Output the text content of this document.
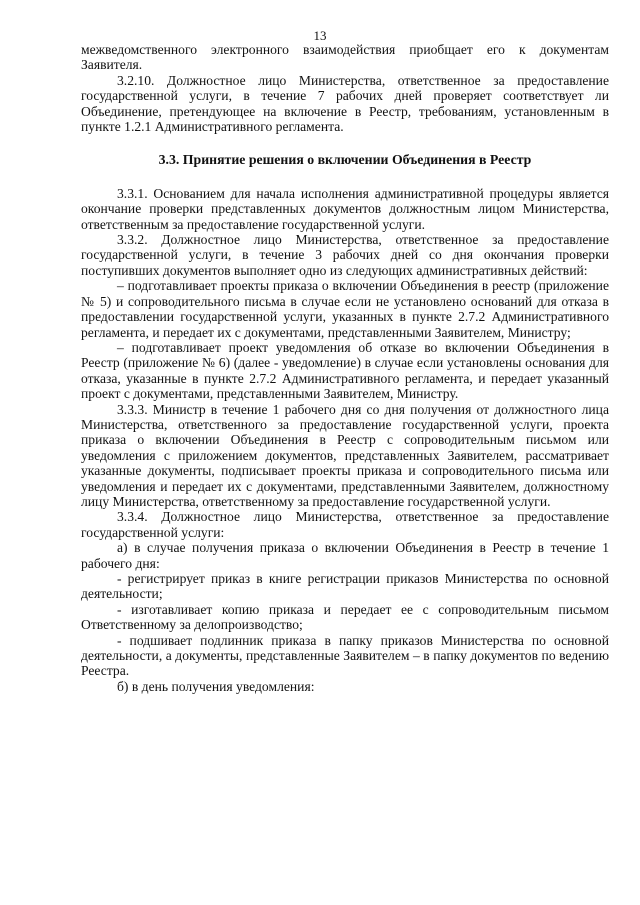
13

межведомственного электронного взаимодействия приобщает его к документам Заявителя.

3.2.10. Должностное лицо Министерства, ответственное за предоставление государственной услуги, в течение 7 рабочих дней проверяет соответствует ли Объединение, претендующее на включение в Реестр, требованиям, установленным в пункте 1.2.1 Административного регламента.

3.3. Принятие решения о включении Объединения в Реестр

3.3.1. Основанием для начала исполнения административной процедуры является окончание проверки представленных документов должностным лицом Министерства, ответственным за предоставление государственной услуги.

3.3.2. Должностное лицо Министерства, ответственное за предоставление государственной услуги, в течение 3 рабочих дней со дня окончания проверки поступивших документов выполняет одно из следующих административных действий:

– подготавливает проекты приказа о включении Объединения в реестр (приложение № 5) и сопроводительного письма в случае если не установлено оснований для отказа в предоставлении государственной услуги, указанных в пункте 2.7.2 Административного регламента, и передает их с документами, представленными Заявителем, Министру;

– подготавливает проект уведомления об отказе во включении Объединения в Реестр (приложение № 6) (далее - уведомление) в случае если установлены основания для отказа, указанные в пункте 2.7.2 Административного регламента, и передает указанный проект с документами, представленными Заявителем, Министру.

3.3.3. Министр в течение 1 рабочего дня со дня получения от должностного лица Министерства, ответственного за предоставление государственной услуги, проекта приказа о включении Объединения в Реестр с сопроводительным письмом или уведомления с приложением документов, представленных Заявителем, рассматривает указанные документы, подписывает проекты приказа и сопроводительного письма или уведомления и передает их с документами, представленными Заявителем, должностному лицу Министерства, ответственному за предоставление государственной услуги.

3.3.4. Должностное лицо Министерства, ответственное за предоставление государственной услуги:

а) в случае получения приказа о включении Объединения в Реестр в течение 1 рабочего дня:

- регистрирует приказ в книге регистрации приказов Министерства по основной деятельности;

- изготавливает копию приказа и передает ее с сопроводительным письмом Ответственному за делопроизводство;

- подшивает подлинник приказа в папку приказов Министерства по основной деятельности, а документы, представленные Заявителем – в папку документов по ведению Реестра.

б) в день получения уведомления:
